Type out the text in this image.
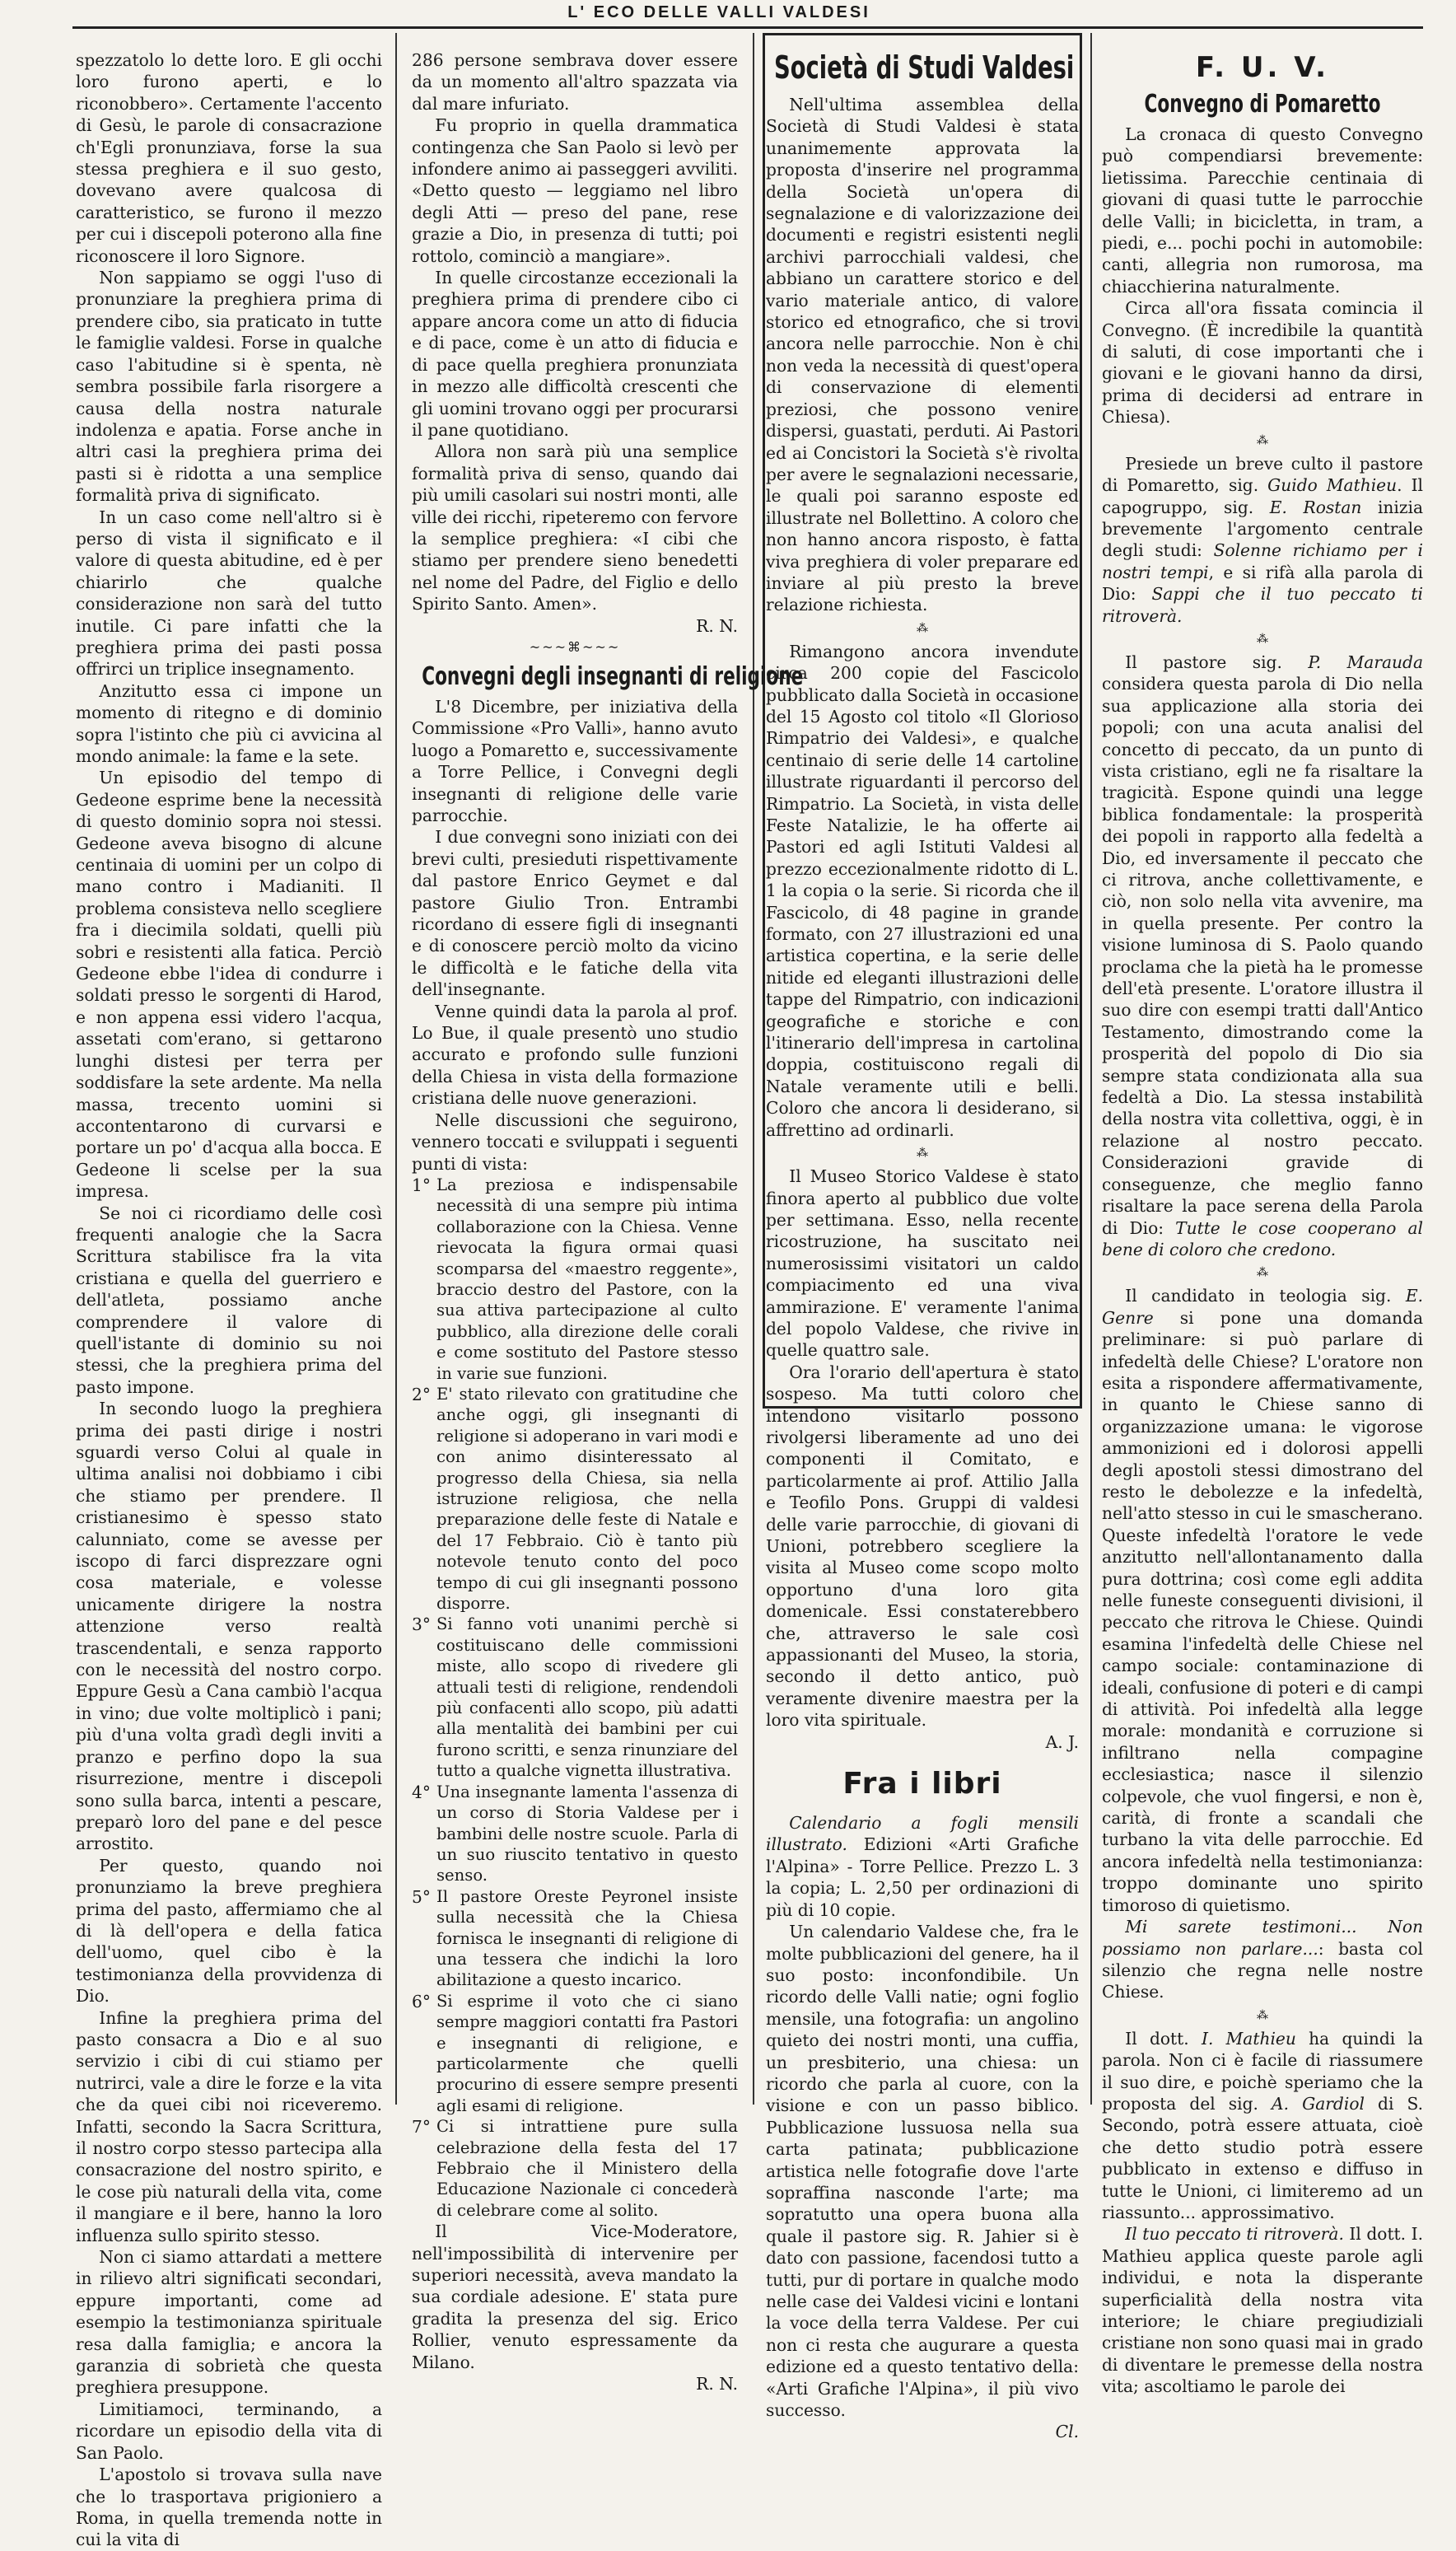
L' ECO DELLE VALLI VALDESI

spezzatolo lo dette loro. E gli occhi loro furono aperti, e lo riconobbero». Certamente l'accento di Gesù, le parole di consacrazione ch'Egli pronunziava, forse la sua stessa preghiera e il suo gesto, dovevano avere qualcosa di caratteristico, se furono il mezzo per cui i discepoli poterono alla fine riconoscere il loro Signore.

Non sappiamo se oggi l'uso di pronunziare la preghiera prima di prendere cibo, sia praticato in tutte le famiglie valdesi. Forse in qualche caso l'abitudine si è spenta, nè sembra possibile farla risorgere a causa della nostra naturale indolenza e apatia. Forse anche in altri casi la preghiera prima dei pasti si è ridotta a una semplice formalità priva di significato.

In un caso come nell'altro si è perso di vista il significato e il valore di questa abitudine, ed è per chiarirlo che qualche considerazione non sarà del tutto inutile. Ci pare infatti che la preghiera prima dei pasti possa offrirci un triplice insegnamento.

Anzitutto essa ci impone un momento di ritegno e di dominio sopra l'istinto che più ci avvicina al mondo animale: la fame e la sete.

Un episodio del tempo di Gedeone esprime bene la necessità di questo dominio sopra noi stessi. Gedeone aveva bisogno di alcune centinaia di uomini per un colpo di mano contro i Madianiti. Il problema consisteva nello scegliere fra i diecimila soldati, quelli più sobri e resistenti alla fatica. Perciò Gedeone ebbe l'idea di condurre i soldati presso le sorgenti di Harod, e non appena essi videro l'acqua, assetati com'erano, si gettarono lunghi distesi per terra per soddisfare la sete ardente. Ma nella massa, trecento uomini si accontentarono di curvarsi e portare un po' d'acqua alla bocca. E Gedeone li scelse per la sua impresa.

Se noi ci ricordiamo delle così frequenti analogie che la Sacra Scrittura stabilisce fra la vita cristiana e quella del guerriero e dell'atleta, possiamo anche comprendere il valore di quell'istante di dominio su noi stessi, che la preghiera prima del pasto impone.

In secondo luogo la preghiera prima dei pasti dirige i nostri sguardi verso Colui al quale in ultima analisi noi dobbiamo i cibi che stiamo per prendere. Il cristianesimo è spesso stato calunniato, come se avesse per iscopo di farci disprezzare ogni cosa materiale, e volesse unicamente dirigere la nostra attenzione verso realtà trascendentali, e senza rapporto con le necessità del nostro corpo. Eppure Gesù a Cana cambiò l'acqua in vino; due volte moltiplicò i pani; più d'una volta gradì degli inviti a pranzo e perfino dopo la sua risurrezione, mentre i discepoli sono sulla barca, intenti a pescare, preparò loro del pane e del pesce arrostito.

Per questo, quando noi pronunziamo la breve preghiera prima del pasto, affermiamo che al di là dell'opera e della fatica dell'uomo, quel cibo è la testimonianza della provvidenza di Dio.

Infine la preghiera prima del pasto consacra a Dio e al suo servizio i cibi di cui stiamo per nutrirci, vale a dire le forze e la vita che da quei cibi noi riceveremo. Infatti, secondo la Sacra Scrittura, il nostro corpo stesso partecipa alla consacrazione del nostro spirito, e le cose più naturali della vita, come il mangiare e il bere, hanno la loro influenza sullo spirito stesso.

Non ci siamo attardati a mettere in rilievo altri significati secondari, eppure importanti, come ad esempio la testimonianza spirituale resa dalla famiglia; e ancora la garanzia di sobrietà che questa preghiera presuppone.

Limitiamoci, terminando, a ricordare un episodio della vita di San Paolo.

L'apostolo si trovava sulla nave che lo trasportava prigioniero a Roma, in quella tremenda notte in cui la vita di

286 persone sembrava dover essere da un momento all'altro spazzata via dal mare infuriato.

Fu proprio in quella drammatica contingenza che San Paolo si levò per infondere animo ai passeggeri avviliti. «Detto questo — leggiamo nel libro degli Atti — preso del pane, rese grazie a Dio, in presenza di tutti; poi rottolo, cominciò a mangiare».

In quelle circostanze eccezionali la preghiera prima di prendere cibo ci appare ancora come un atto di fiducia e di pace, come è un atto di fiducia e di pace quella preghiera pronunziata in mezzo alle difficoltà crescenti che gli uomini trovano oggi per procurarsi il pane quotidiano.

Allora non sarà più una semplice formalità priva di senso, quando dai più umili casolari sui nostri monti, alle ville dei ricchi, ripeteremo con fervore la semplice preghiera: «I cibi che stiamo per prendere sieno benedetti nel nome del Padre, del Figlio e dello Spirito Santo. Amen».

R. N.

~~~⌘~~~

Convegni degli insegnanti di religione

L'8 Dicembre, per iniziativa della Commissione «Pro Valli», hanno avuto luogo a Pomaretto e, successivamente a Torre Pellice, i Convegni degli insegnanti di religione delle varie parrocchie.

I due convegni sono iniziati con dei brevi culti, presieduti rispettivamente dal pastore Enrico Geymet e dal pastore Giulio Tron. Entrambi ricordano di essere figli di insegnanti e di conoscere perciò molto da vicino le difficoltà e le fatiche della vita dell'insegnante.

Venne quindi data la parola al prof. Lo Bue, il quale presentò uno studio accurato e profondo sulle funzioni della Chiesa in vista della formazione cristiana delle nuove generazioni.

Nelle discussioni che seguirono, vennero toccati e sviluppati i seguenti punti di vista:

1° La preziosa e indispensabile necessità di una sempre più intima collaborazione con la Chiesa. Venne rievocata la figura ormai quasi scomparsa del «maestro reggente», braccio destro del Pastore, con la sua attiva partecipazione al culto pubblico, alla direzione delle corali e come sostituto del Pastore stesso in varie sue funzioni.
2° E' stato rilevato con gratitudine che anche oggi, gli insegnanti di religione si adoperano in vari modi e con animo disinteressato al progresso della Chiesa, sia nella istruzione religiosa, che nella preparazione delle feste di Natale e del 17 Febbraio. Ciò è tanto più notevole tenuto conto del poco tempo di cui gli insegnanti possono disporre.
3° Si fanno voti unanimi perchè si costituiscano delle commissioni miste, allo scopo di rivedere gli attuali testi di religione, rendendoli più confacenti allo scopo, più adatti alla mentalità dei bambini per cui furono scritti, e senza rinunziare del tutto a qualche vignetta illustrativa.
4° Una insegnante lamenta l'assenza di un corso di Storia Valdese per i bambini delle nostre scuole. Parla di un suo riuscito tentativo in questo senso.
5° Il pastore Oreste Peyronel insiste sulla necessità che la Chiesa fornisca le insegnanti di religione di una tessera che indichi la loro abilitazione a questo incarico.
6° Si esprime il voto che ci siano sempre maggiori contatti fra Pastori e insegnanti di religione, e particolarmente che quelli procurino di essere sempre presenti agli esami di religione.
7° Ci si intrattiene pure sulla celebrazione della festa del 17 Febbraio che il Ministero della Educazione Nazionale ci concederà di celebrare come al solito.

Il Vice-Moderatore, nell'impossibilità di intervenire per superiori necessità, aveva mandato la sua cordiale adesione. E' stata pure gradita la presenza del sig. Erico Rollier, venuto espressamente da Milano.

R. N.

Società di Studi Valdesi

Nell'ultima assemblea della Società di Studi Valdesi è stata unanimemente approvata la proposta d'inserire nel programma della Società un'opera di segnalazione e di valorizzazione dei documenti e registri esistenti negli archivi parrocchiali valdesi, che abbiano un carattere storico e del vario materiale antico, di valore storico ed etnografico, che si trovi ancora nelle parrocchie. Non è chi non veda la necessità di quest'opera di conservazione di elementi preziosi, che possono venire dispersi, guastati, perduti. Ai Pastori ed ai Concistori la Società s'è rivolta per avere le segnalazioni necessarie, le quali poi saranno esposte ed illustrate nel Bollettino. A coloro che non hanno ancora risposto, è fatta viva preghiera di voler preparare ed inviare al più presto la breve relazione richiesta.

⁂

Rimangono ancora invendute circa 200 copie del Fascicolo pubblicato dalla Società in occasione del 15 Agosto col titolo «Il Glorioso Rimpatrio dei Valdesi», e qualche centinaio di serie delle 14 cartoline illustrate riguardanti il percorso del Rimpatrio. La Società, in vista delle Feste Natalizie, le ha offerte ai Pastori ed agli Istituti Valdesi al prezzo eccezionalmente ridotto di L. 1 la copia o la serie. Si ricorda che il Fascicolo, di 48 pagine in grande formato, con 27 illustrazioni ed una artistica copertina, e la serie delle nitide ed eleganti illustrazioni delle tappe del Rimpatrio, con indicazioni geografiche e storiche e con l'itinerario dell'impresa in cartolina doppia, costituiscono regali di Natale veramente utili e belli. Coloro che ancora li desiderano, si affrettino ad ordinarli.

⁂

Il Museo Storico Valdese è stato finora aperto al pubblico due volte per settimana. Esso, nella recente ricostruzione, ha suscitato nei numerosissimi visitatori un caldo compiacimento ed una viva ammirazione. E' veramente l'anima del popolo Valdese, che rivive in quelle quattro sale.

Ora l'orario dell'apertura è stato sospeso. Ma tutti coloro che intendono visitarlo possono rivolgersi liberamente ad uno dei componenti il Comitato, e particolarmente ai prof. Attilio Jalla e Teofilo Pons. Gruppi di valdesi delle varie parrocchie, di giovani di Unioni, potrebbero scegliere la visita al Museo come scopo molto opportuno d'una loro gita domenicale. Essi constaterebbero che, attraverso le sale così appassionanti del Museo, la storia, secondo il detto antico, può veramente divenire maestra per la loro vita spirituale.

A. J.

Fra i libri

Calendario a fogli mensili illustrato. Edizioni «Arti Grafiche l'Alpina» - Torre Pellice. Prezzo L. 3 la copia; L. 2,50 per ordinazioni di più di 10 copie.

Un calendario Valdese che, fra le molte pubblicazioni del genere, ha il suo posto: inconfondibile. Un ricordo delle Valli natie; ogni foglio mensile, una fotografia: un angolino quieto dei nostri monti, una cuffia, un presbiterio, una chiesa: un ricordo che parla al cuore, con la visione e con un passo biblico. Pubblicazione lussuosa nella sua carta patinata; pubblicazione artistica nelle fotografie dove l'arte sopraffina nasconde l'arte; ma sopratutto una opera buona alla quale il pastore sig. R. Jahier si è dato con passione, facendosi tutto a tutti, pur di portare in qualche modo nelle case dei Valdesi vicini e lontani la voce della terra Valdese. Per cui non ci resta che augurare a questa edizione ed a questo tentativo della: «Arti Grafiche l'Alpina», il più vivo successo.

Cl.

F. U. V.
Convegno di Pomaretto

La cronaca di questo Convegno può compendiarsi brevemente: lietissima. Parecchie centinaia di giovani di quasi tutte le parrocchie delle Valli; in bicicletta, in tram, a piedi, e... pochi pochi in automobile: canti, allegria non rumorosa, ma chiacchierina naturalmente.

Circa all'ora fissata comincia il Convegno. (È incredibile la quantità di saluti, di cose importanti che i giovani e le giovani hanno da dirsi, prima di decidersi ad entrare in Chiesa).

⁂

Presiede un breve culto il pastore di Pomaretto, sig. Guido Mathieu. Il capogruppo, sig. E. Rostan inizia brevemente l'argomento centrale degli studi: Solenne richiamo per i nostri tempi, e si rifà alla parola di Dio: Sappi che il tuo peccato ti ritroverà.

⁂

Il pastore sig. P. Marauda considera questa parola di Dio nella sua applicazione alla storia dei popoli; con una acuta analisi del concetto di peccato, da un punto di vista cristiano, egli ne fa risaltare la tragicità. Espone quindi una legge biblica fondamentale: la prosperità dei popoli in rapporto alla fedeltà a Dio, ed inversamente il peccato che ci ritrova, anche collettivamente, e ciò, non solo nella vita avvenire, ma in quella presente. Per contro la visione luminosa di S. Paolo quando proclama che la pietà ha le promesse dell'età presente. L'oratore illustra il suo dire con esempi tratti dall'Antico Testamento, dimostrando come la prosperità del popolo di Dio sia sempre stata condizionata alla sua fedeltà a Dio. La stessa instabilità della nostra vita collettiva, oggi, è in relazione al nostro peccato. Considerazioni gravide di conseguenze, che meglio fanno risaltare la pace serena della Parola di Dio: Tutte le cose cooperano al bene di coloro che credono.

⁂

Il candidato in teologia sig. E. Genre si pone una domanda preliminare: si può parlare di infedeltà delle Chiese? L'oratore non esita a rispondere affermativamente, in quanto le Chiese sanno di organizzazione umana: le vigorose ammonizioni ed i dolorosi appelli degli apostoli stessi dimostrano del resto le debolezze e la infedeltà, nell'atto stesso in cui le smascherano. Queste infedeltà l'oratore le vede anzitutto nell'allontanamento dalla pura dottrina; così come egli addita nelle funeste conseguenti divisioni, il peccato che ritrova le Chiese. Quindi esamina l'infedeltà delle Chiese nel campo sociale: contaminazione di ideali, confusione di poteri e di campi di attività. Poi infedeltà alla legge morale: mondanità e corruzione si infiltrano nella compagine ecclesiastica; nasce il silenzio colpevole, che vuol fingersi, e non è, carità, di fronte a scandali che turbano la vita delle parrocchie. Ed ancora infedeltà nella testimonianza: troppo dominante uno spirito timoroso di quietismo.

Mi sarete testimoni... Non possiamo non parlare...: basta col silenzio che regna nelle nostre Chiese.

⁂

Il dott. I. Mathieu ha quindi la parola. Non ci è facile di riassumere il suo dire, e poichè speriamo che la proposta del sig. A. Gardiol di S. Secondo, potrà essere attuata, cioè che detto studio potrà essere pubblicato in extenso e diffuso in tutte le Unioni, ci limiteremo ad un riassunto... approssimativo.

Il tuo peccato ti ritroverà. Il dott. I. Mathieu applica queste parole agli individui, e nota la disperante superficialità della nostra vita interiore; le chiare pregiudiziali cristiane non sono quasi mai in grado di diventare le premesse della nostra vita; ascoltiamo le parole dei
